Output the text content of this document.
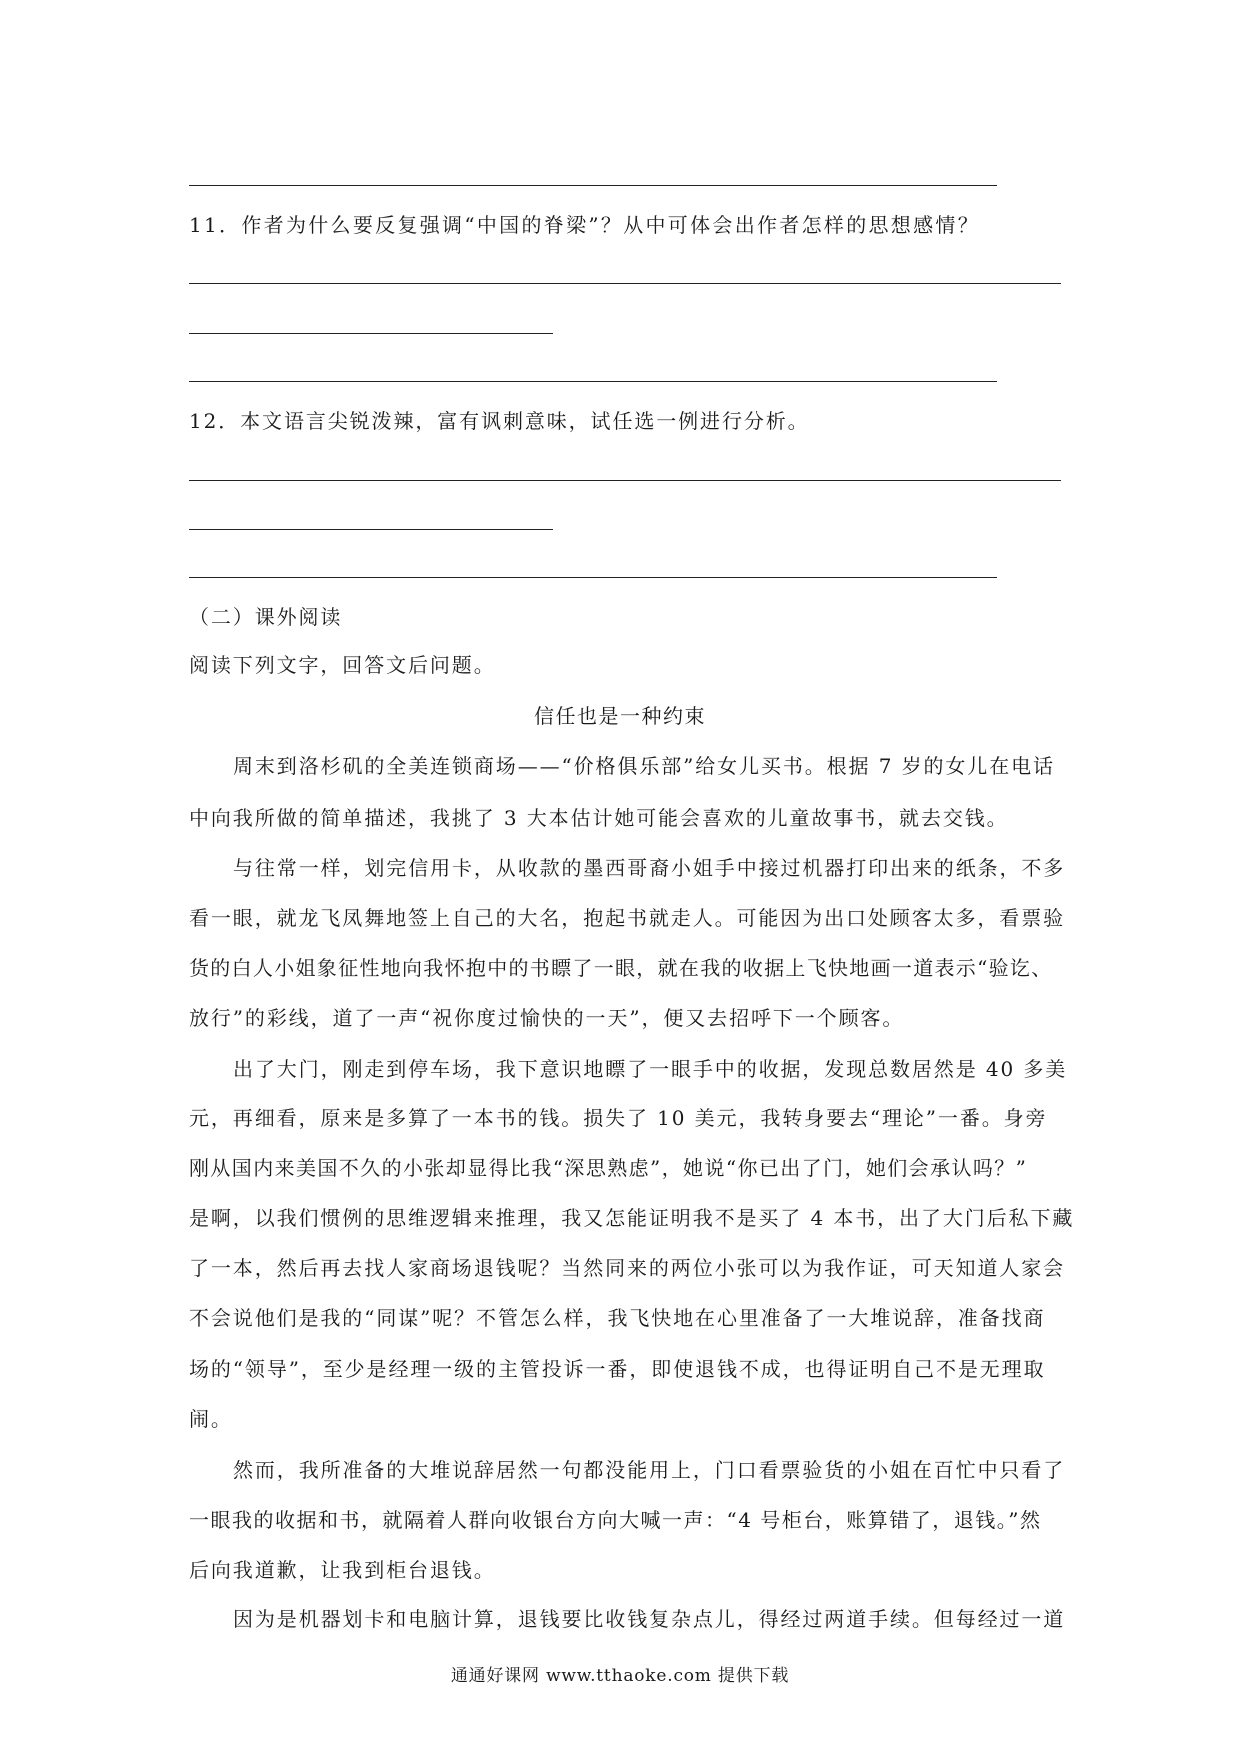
11．作者为什么要反复强调“中国的脊梁”？从中可体会出作者怎样的思想感情？
12．本文语言尖锐泼辣，富有讽刺意味，试任选一例进行分析。
（二）课外阅读
阅读下列文字，回答文后问题。
信任也是一种约束
周末到洛杉矶的全美连锁商场——“价格俱乐部”给女儿买书。根据 7 岁的女儿在电话
中向我所做的简单描述，我挑了 3 大本估计她可能会喜欢的儿童故事书，就去交钱。
与往常一样，划完信用卡，从收款的墨西哥裔小姐手中接过机器打印出来的纸条，不多
看一眼，就龙飞凤舞地签上自己的大名，抱起书就走人。可能因为出口处顾客太多，看票验
货的白人小姐象征性地向我怀抱中的书瞟了一眼，就在我的收据上飞快地画一道表示“验讫、
放行”的彩线，道了一声“祝你度过愉快的一天”，便又去招呼下一个顾客。
出了大门，刚走到停车场，我下意识地瞟了一眼手中的收据，发现总数居然是 40 多美
元，再细看，原来是多算了一本书的钱。损失了 10 美元，我转身要去“理论”一番。身旁
刚从国内来美国不久的小张却显得比我“深思熟虑”，她说“你已出了门，她们会承认吗？”
是啊，以我们惯例的思维逻辑来推理，我又怎能证明我不是买了 4 本书，出了大门后私下藏
了一本，然后再去找人家商场退钱呢？当然同来的两位小张可以为我作证，可天知道人家会
不会说他们是我的“同谋”呢？不管怎么样，我飞快地在心里准备了一大堆说辞，准备找商
场的“领导”，至少是经理一级的主管投诉一番，即使退钱不成，也得证明自己不是无理取
闹。
然而，我所准备的大堆说辞居然一句都没能用上，门口看票验货的小姐在百忙中只看了
一眼我的收据和书，就隔着人群向收银台方向大喊一声：“4 号柜台，账算错了，退钱。”然
后向我道歉，让我到柜台退钱。
因为是机器划卡和电脑计算，退钱要比收钱复杂点儿，得经过两道手续。但每经过一道
通通好课网 www.tthaoke.com 提供下载
